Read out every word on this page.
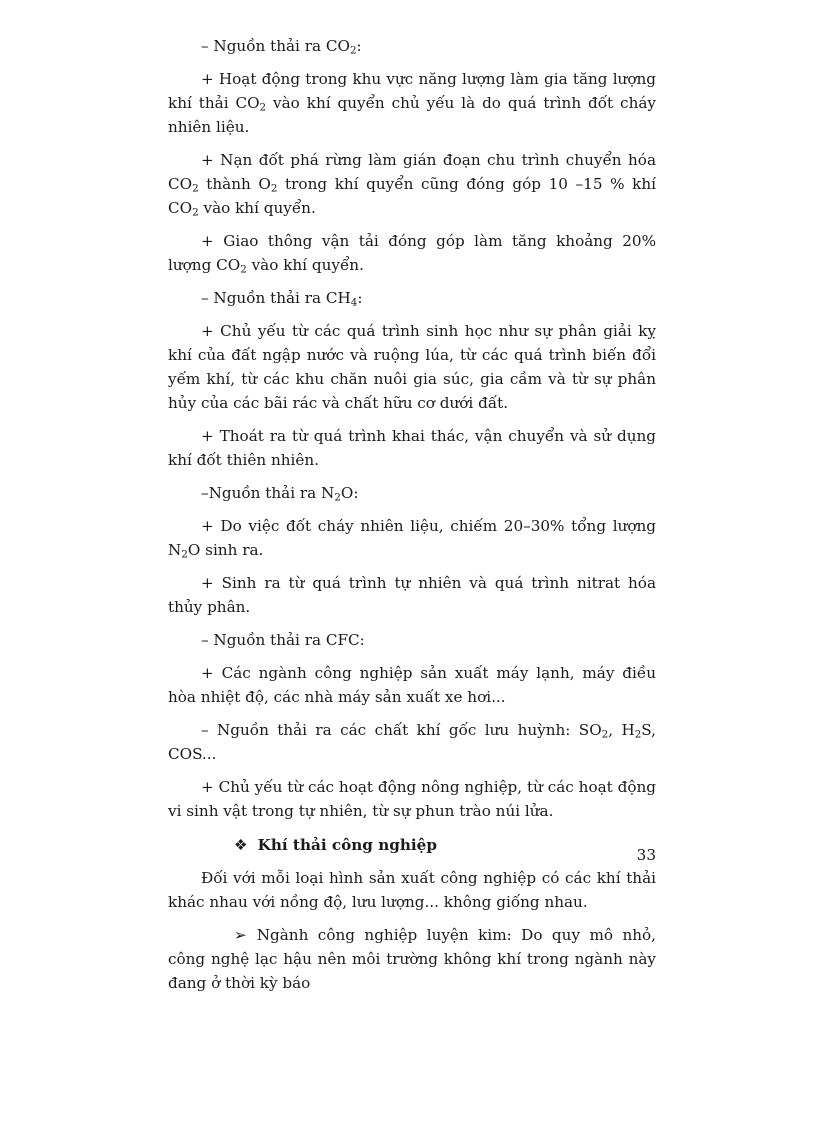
– Nguồn thải ra $CO_2$:

+ Hoạt động trong khu vực năng lượng làm gia tăng lượng khí thải $CO_2$ vào khí quyển chủ yếu là do quá trình đốt cháy nhiên liệu.

+ Nạn đốt phá rừng làm gián đoạn chu trình chuyển hóa $CO_2$ thành $O_2$ trong khí quyển cũng đóng góp 10 –15 % khí $CO_2$ vào khí quyển.

+ Giao thông vận tải đóng góp làm tăng khoảng 20% lượng $CO_2$ vào khí quyển.

– Nguồn thải ra $CH_4$:

+ Chủ yếu từ các quá trình sinh học như sự phân giải kỵ khí của đất ngập nước và ruộng lúa, từ các quá trình biến đổi yếm khí, từ các khu chăn nuôi gia súc, gia cầm và từ sự phân hủy của các bãi rác và chất hữu cơ dưới đất.

+ Thoát ra từ quá trình khai thác, vận chuyển và sử dụng khí đốt thiên nhiên.

–Nguồn thải ra $N_2O$:

+ Do việc đốt cháy nhiên liệu, chiếm 20–30% tổng lượng $N_2O$ sinh ra.

+ Sinh ra từ quá trình tự nhiên và quá trình nitrat hóa thủy phân.

– Nguồn thải ra CFC:

+ Các ngành công nghiệp sản xuất máy lạnh, máy điều hòa nhiệt độ, các nhà máy sản xuất xe hơi...

– Nguồn thải ra các chất khí gốc lưu huỳnh: $SO_2$, $H_2S$, COS...

+ Chủ yếu từ các hoạt động nông nghiệp, từ các hoạt động vi sinh vật trong tự nhiên, từ sự phun trào núi lửa.

❖ Khí thải công nghiệp

Đối với mỗi loại hình sản xuất công nghiệp có các khí thải khác nhau với nồng độ, lưu lượng... không giống nhau.

➢ Ngành công nghiệp luyện kim: Do quy mô nhỏ, công nghệ lạc hậu nên môi trường không khí trong ngành này đang ở thời kỳ báo

33
